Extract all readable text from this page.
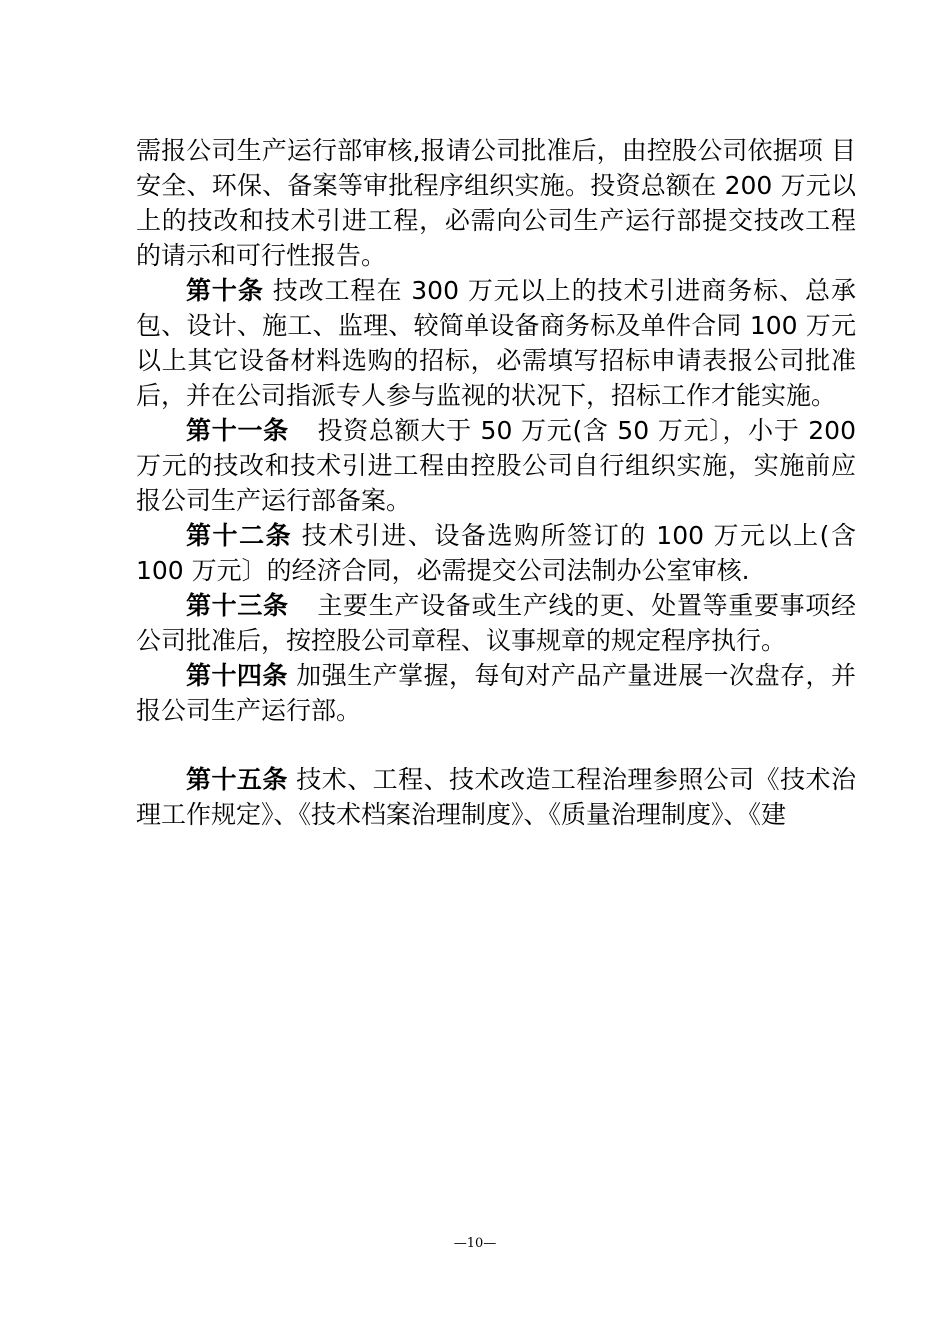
需报公司生产运行部审核,报请公司批准后，由控股公司依据项 目安全、环保、备案等审批程序组织实施。投资总额在 200 万元以上的技改和技术引进工程，必需向公司生产运行部提交技改工程的请示和可行性报告。

第十条 技改工程在 300 万元以上的技术引进商务标、总承包、设计、施工、监理、较简单设备商务标及单件合同 100 万元以上其它设备材料选购的招标，必需填写招标申请表报公司批准后，并在公司指派专人参与监视的状况下，招标工作才能实施。

第十一条 投资总额大于 50 万元(含 50 万元〕，小于 200 万元的技改和技术引进工程由控股公司自行组织实施，实施前应报公司生产运行部备案。

第十二条 技术引进、设备选购所签订的 100 万元以上(含 100 万元〕的经济合同，必需提交公司法制办公室审核.

第十三条 主要生产设备或生产线的更、处置等重要事项经公司批准后，按控股公司章程、议事规章的规定程序执行。

第十四条 加强生产掌握，每旬对产品产量进展一次盘存，并报公司生产运行部。

第十五条 技术、工程、技术改造工程治理参照公司《技术治理工作规定》、《技术档案治理制度》、《质量治理制度》、《建

—10—
